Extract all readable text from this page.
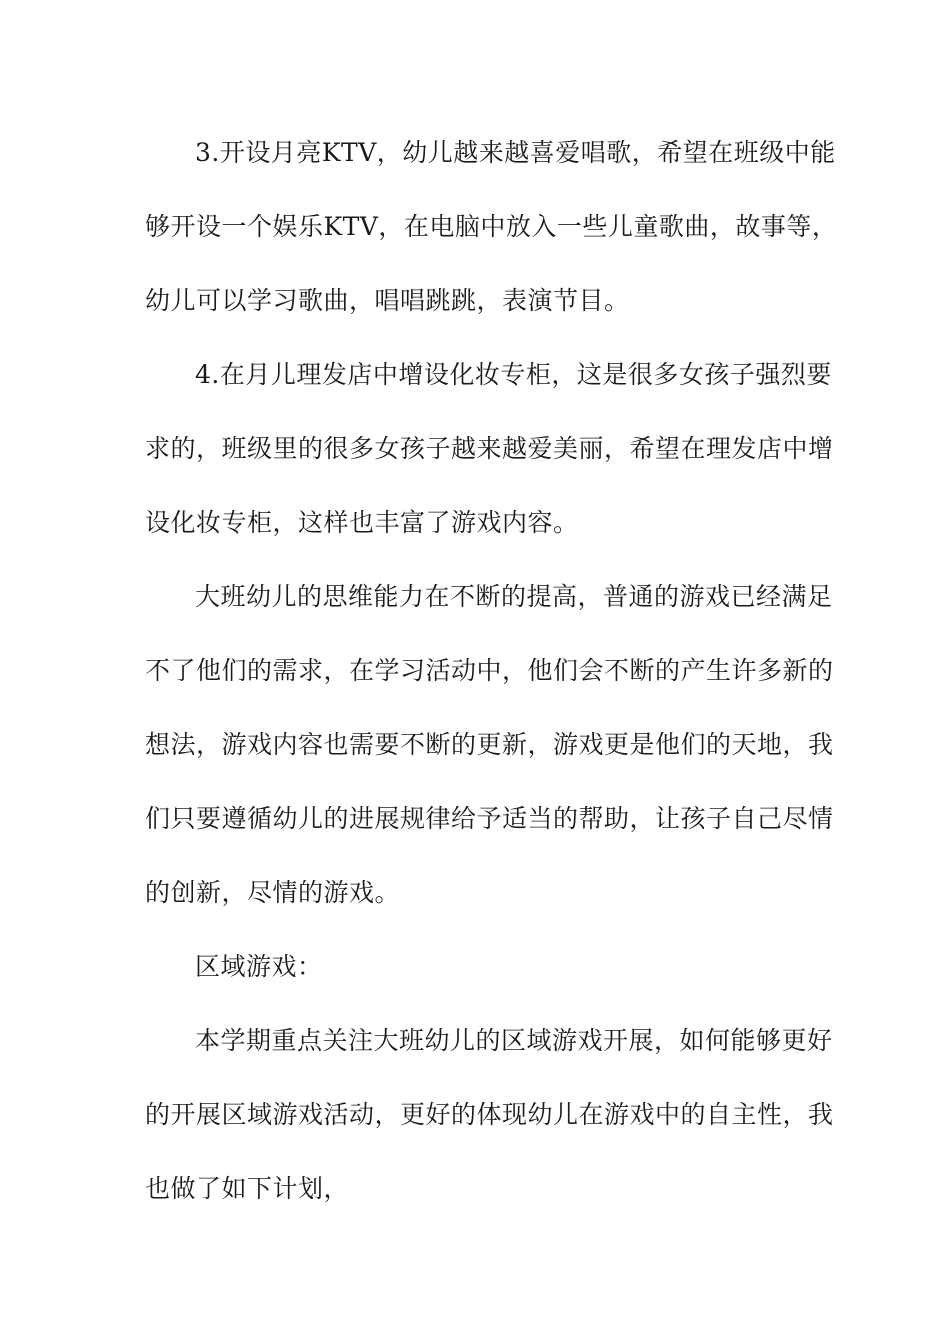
3.开设月亮KTV，幼儿越来越喜爱唱歌，希望在班级中能
够开设一个娱乐KTV，在电脑中放入一些儿童歌曲，故事等，
幼儿可以学习歌曲，唱唱跳跳，表演节目。
4.在月儿理发店中增设化妆专柜，这是很多女孩子强烈要
求的，班级里的很多女孩子越来越爱美丽，希望在理发店中增
设化妆专柜，这样也丰富了游戏内容。
大班幼儿的思维能力在不断的提高，普通的游戏已经满足
不了他们的需求，在学习活动中，他们会不断的产生许多新的
想法，游戏内容也需要不断的更新，游戏更是他们的天地，我
们只要遵循幼儿的进展规律给予适当的帮助，让孩子自己尽情
的创新，尽情的游戏。
区域游戏：
本学期重点关注大班幼儿的区域游戏开展，如何能够更好
的开展区域游戏活动，更好的体现幼儿在游戏中的自主性，我
也做了如下计划，
